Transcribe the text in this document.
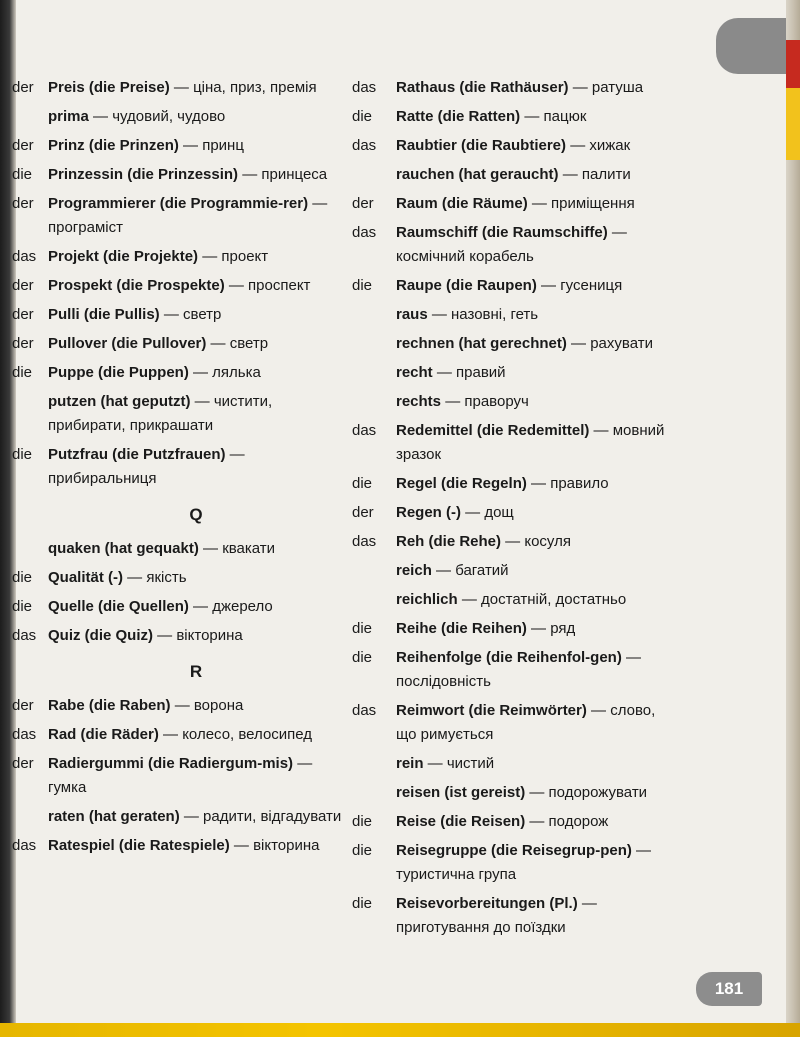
der Preis (die Preise) — ціна, приз, премія
prima — чудовий, чудово
der Prinz (die Prinzen) — принц
die	Prinzessin (die Prinzessin) — принцеса
der Programmierer (die Programmie-rer) — програміст
das Projekt (die Projekte) — проект
der Prospekt (die Prospekte) — проспект
der Pulli (die Pullis) — светр
der Pullover (die Pullover) — светр
die	Puppe (die Puppen) — лялька
putzen (hat geputzt) — чистити, прибирати, прикрашати
die	Putzfrau (die Putzfrauen) — прибиральниця
Q
quaken (hat gequakt) — квакати
die	Qualität (-) — якість
die	Quelle (die Quellen) — джерело
das Quiz (die Quiz) — вікторина
R
der Rabe (die Raben) — ворона
das Rad (die Räder) — колесо, велосипед
der Radiergummi (die Radiergum-mis) — гумка
raten (hat geraten) — радити, відгадувати
das Ratespiel (die Ratespiele) — вікторина
das	Rathaus (die Rathäuser) — ратуша
die	Ratte (die Ratten) — пацюк
das	Raubtier (die Raubtiere) — хижак
rauchen (hat geraucht) — палити
der	Raum (die Räume) — приміщення
das	Raumschiff (die Raumschiffe) — космічний корабель
die	Raupe (die Raupen) — гусениця
raus — назовні, геть
rechnen (hat gerechnet) — рахувати
recht — правий
rechts — праворуч
das	Redemittel (die Redemittel) — мовний зразок
die	Regel (die Regeln) — правило
der	Regen (-) — дощ
das	Reh (die Rehe) — косуля
reich — багатий
reichlich — достатній, достатньо
die	Reihe (die Reihen) — ряд
die	Reihenfolge (die Reihenfol-gen) — послідовність
das	Reimwort (die Reimwörter) — слово, що римується
rein — чистий
reisen (ist gereist) — подорожувати
die	Reise (die Reisen) — подорож
die	Reisegruppe (die Reisegrup-pen) — туристична група
die	Reisevorbereitungen (Pl.) — приготування до поїздки
181
